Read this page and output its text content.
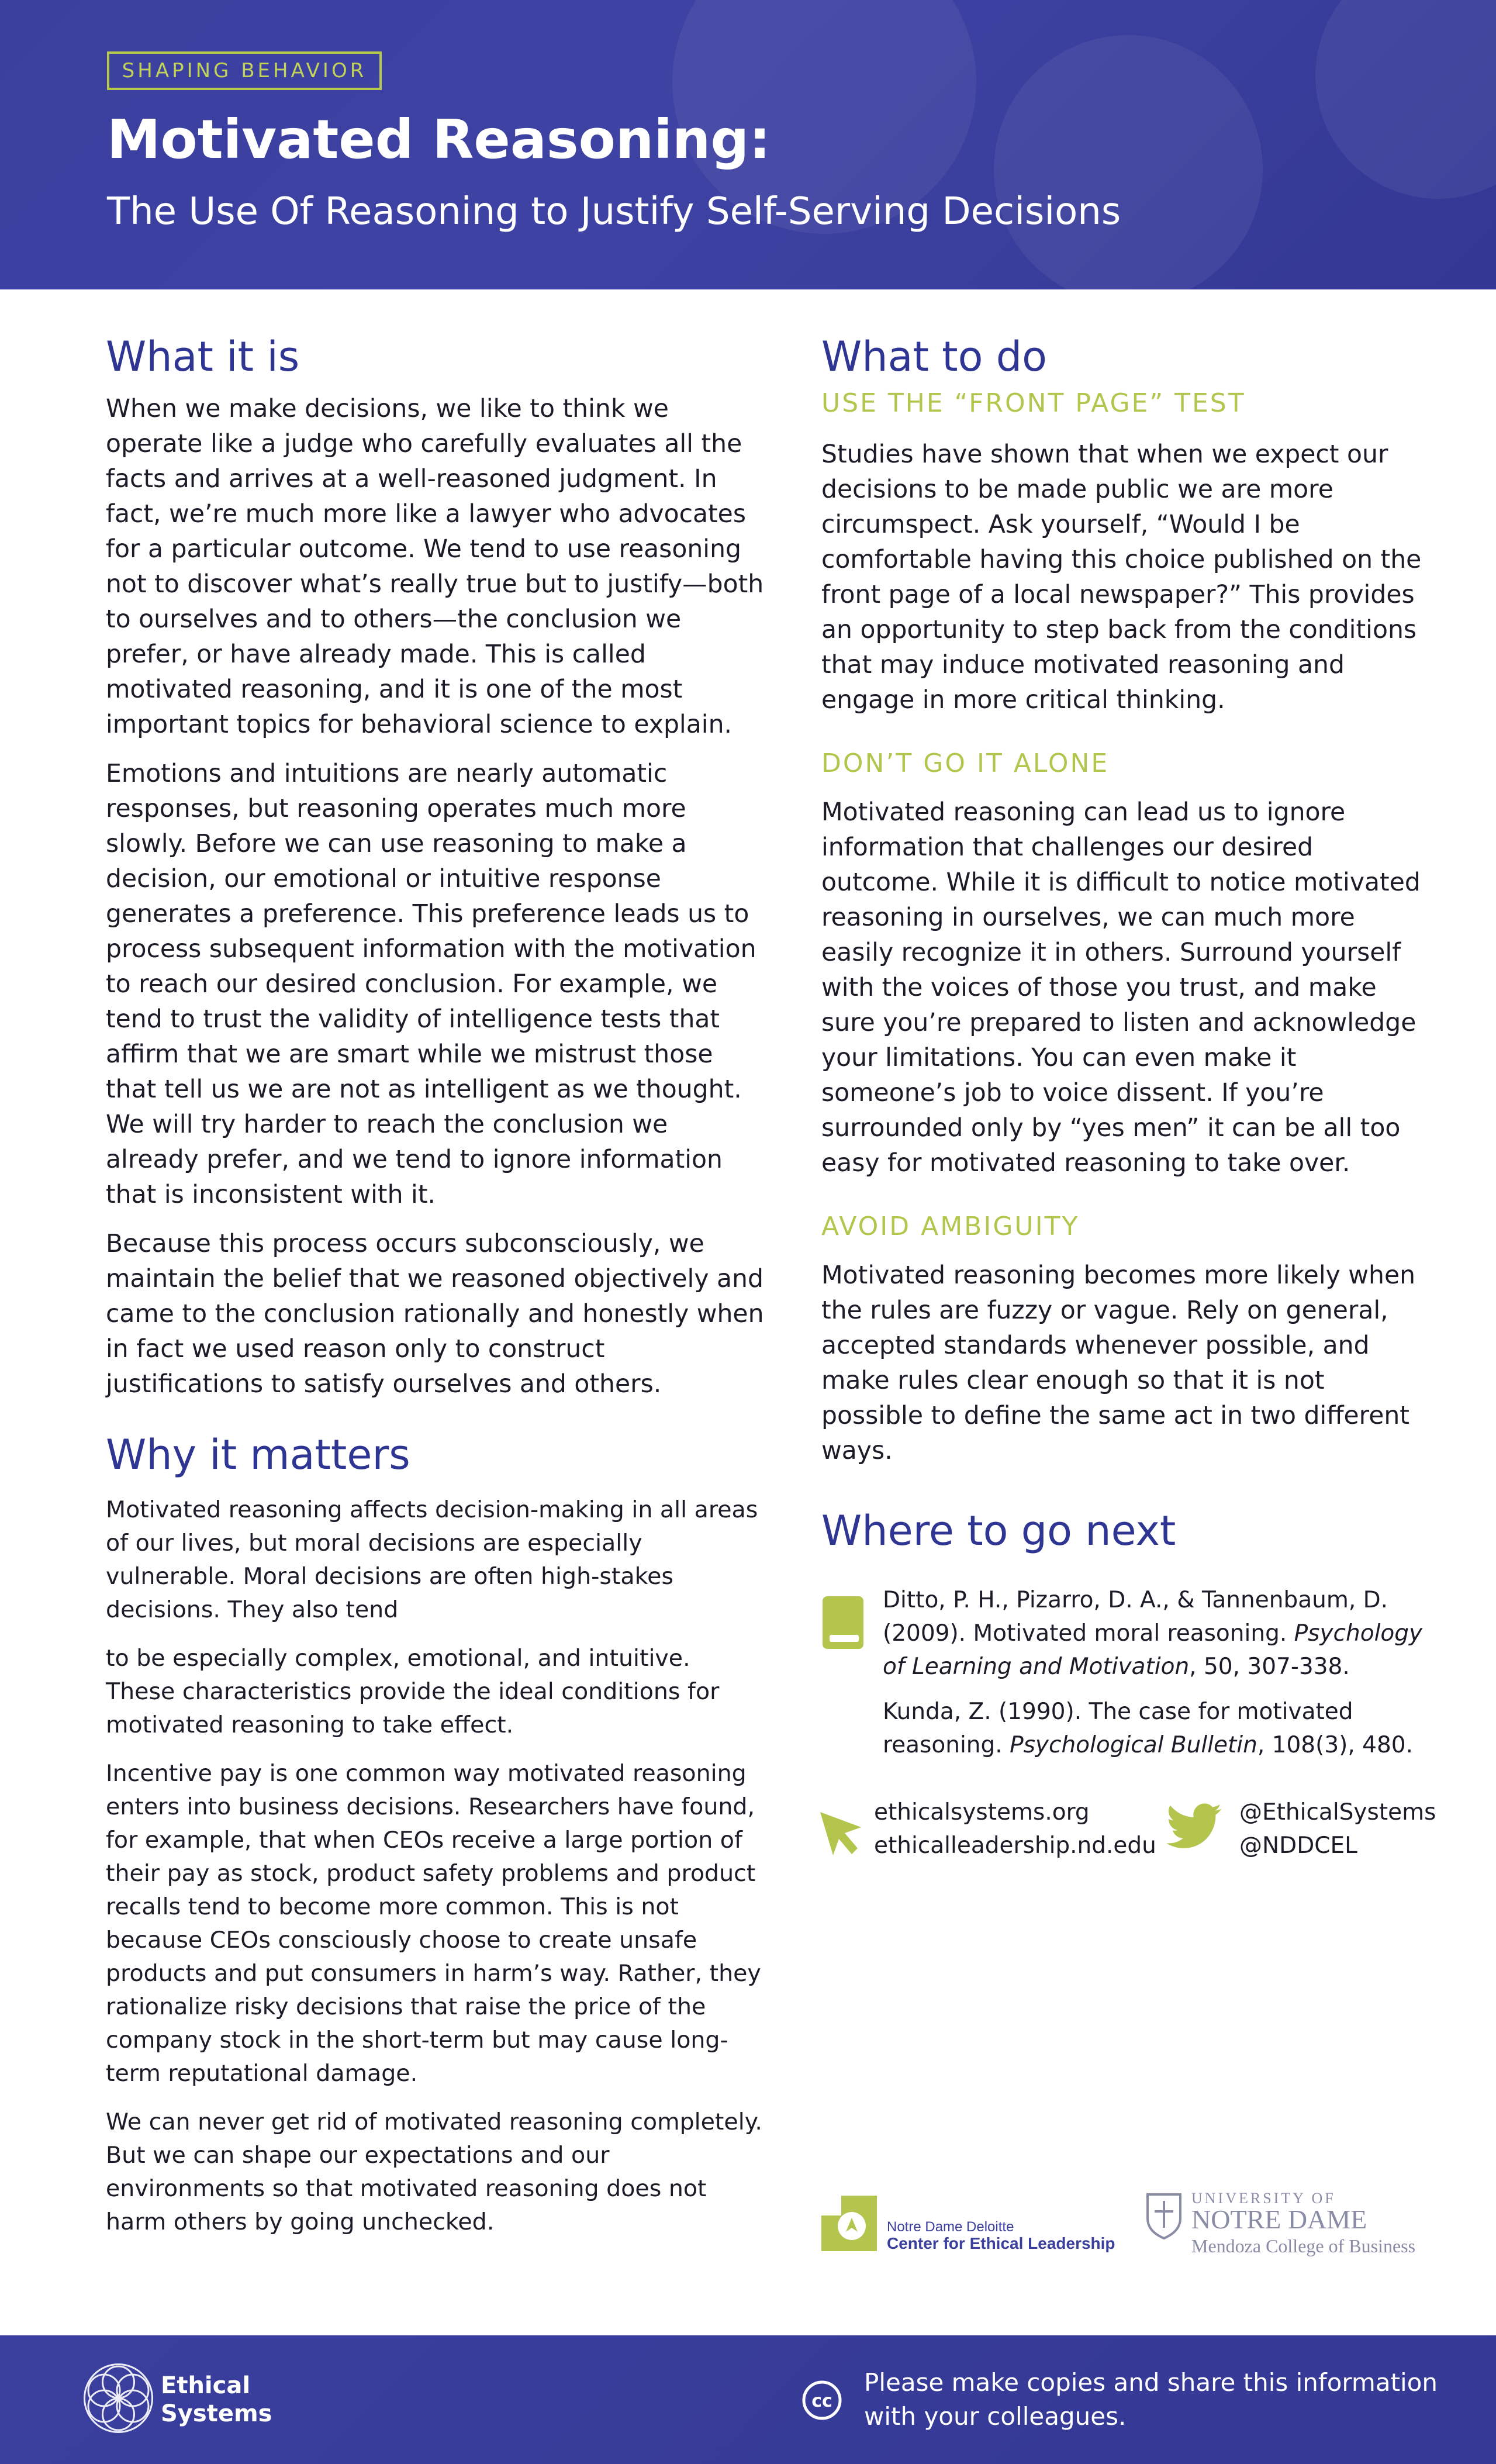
SHAPING BEHAVIOR
Motivated Reasoning:
The Use Of Reasoning to Justify Self-Serving Decisions
What it is

When we make decisions, we like to think we operate like a judge who carefully evaluates all the facts and arrives at a well-reasoned judgment. In fact, we’re much more like a lawyer who advocates for a particular outcome. We tend to use reasoning not to discover what’s really true but to justify—both to ourselves and to others—the conclusion we prefer, or have already made. This is called motivated reasoning, and it is one of the most important topics for behavioral science to explain.

Emotions and intuitions are nearly automatic responses, but reasoning operates much more slowly. Before we can use reasoning to make a decision, our emotional or intuitive response generates a preference. This preference leads us to process subsequent information with the motivation to reach our desired conclusion. For example, we tend to trust the validity of intelligence tests that affirm that we are smart while we mistrust those that tell us we are not as intelligent as we thought. We will try harder to reach the conclusion we already prefer, and we tend to ignore information that is inconsistent with it.

Because this process occurs subconsciously, we maintain the belief that we reasoned objectively and came to the conclusion rationally and honestly when in fact we used reason only to construct justifications to satisfy ourselves and others.

Why it matters

Motivated reasoning affects decision-making in all areas of our lives, but moral decisions are especially vulnerable. Moral decisions are often high-stakes decisions. They also tend

to be especially complex, emotional, and intuitive. These characteristics provide the ideal conditions for motivated reasoning to take effect.

Incentive pay is one common way motivated reasoning enters into business decisions. Researchers have found, for example, that when CEOs receive a large portion of their pay as stock, product safety problems and product recalls tend to become more common. This is not because CEOs consciously choose to create unsafe products and put consumers in harm’s way. Rather, they rationalize risky decisions that raise the price of the company stock in the short-term but may cause long-term reputational damage.

We can never get rid of motivated reasoning completely. But we can shape our expectations and our environments so that motivated reasoning does not harm others by going unchecked.

What to do
USE THE “FRONT PAGE” TEST

Studies have shown that when we expect our decisions to be made public we are more circumspect. Ask yourself, “Would I be comfortable having this choice published on the front page of a local newspaper?” This provides an opportunity to step back from the conditions that may induce motivated reasoning and engage in more critical thinking.

DON’T GO IT ALONE

Motivated reasoning can lead us to ignore information that challenges our desired outcome. While it is difficult to notice motivated reasoning in ourselves, we can much more easily recognize it in others. Surround yourself with the voices of those you trust, and make sure you’re prepared to listen and acknowledge your limitations. You can even make it someone’s job to voice dissent. If you’re surrounded only by “yes men” it can be all too easy for motivated reasoning to take over.

AVOID AMBIGUITY

Motivated reasoning becomes more likely when the rules are fuzzy or vague. Rely on general, accepted standards whenever possible, and make rules clear enough so that it is not possible to define the same act in two different ways.

Where to go next

Ditto, P. H., Pizarro, D. A., & Tannenbaum, D. (2009). Motivated moral reasoning. Psychology of Learning and Motivation, 50, 307-338.

Kunda, Z. (1990). The case for motivated reasoning. Psychological Bulletin, 108(3), 480.

ethicalsystems.org

ethicalleadership.nd.edu

@EthicalSystems

@NDDCEL

Notre Dame Deloitte
Center for Ethical Leadership
UNIVERSITY OF
NOTRE DAME
Mendoza College of Business
Ethical
Systems	cc
Please make copies and share this information
with your colleagues.
